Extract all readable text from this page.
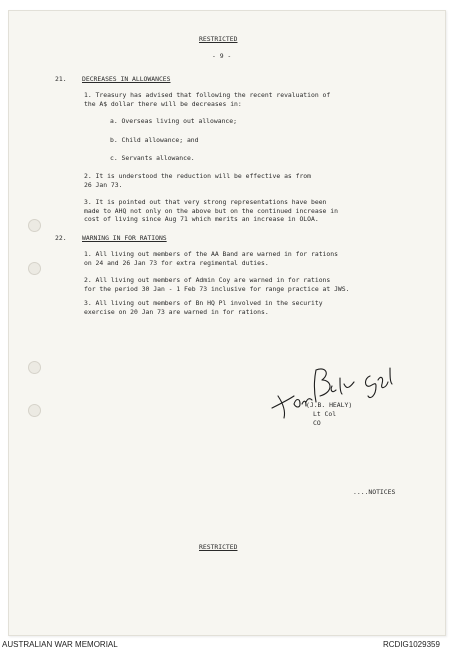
RESTRICTED
- 9 -
21. DECREASES IN ALLOWANCES
1. Treasury has advised that following the recent revaluation of
the A$ dollar there will be decreases in:
a. Overseas living out allowance;
b. Child allowance; and
c. Servants allowance.
2. It is understood the reduction will be effective as from
26 Jan 73.
3. It is pointed out that very strong representations have been
made to AHQ not only on the above but on the continued increase in
cost of living since Aug 71 which merits an increase in OLOA.
22. WARNING IN FOR RATIONS
1. All living out members of the AA Band are warned in for rations
on 24 and 26 Jan 73 for extra regimental duties.
2. All living out members of Admin Coy are warned in for rations
for the period 30 Jan - 1 Feb 73 inclusive for range practice at JWS.
3. All living out members of Bn HQ Pl involved in the security
exercise on 20 Jan 73 are warned in for rations.
(J.B. HEALY)
Lt Col
CO
....NOTICES
RESTRICTED
AUSTRALIAN WAR MEMORIAL	RCDIG1029359
